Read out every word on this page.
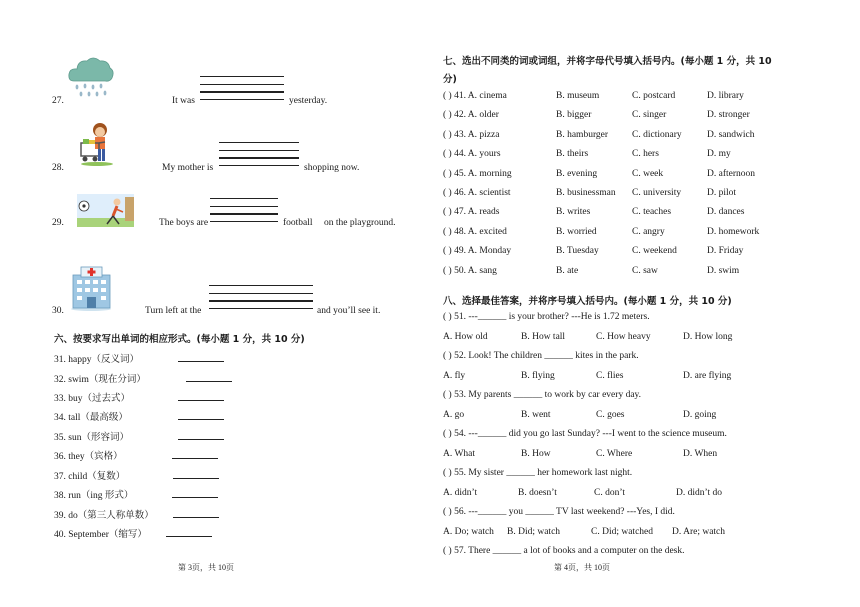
27.	It was	yesterday.
28.	My mother is	shopping now.
29.	The boys are	football on the playground.
30.	Turn left at the	and you’ll see it.
六、按要求写出单词的相应形式。(每小题 1 分，共 10 分)
31. happy（反义词）
32. swim（现在分词）
33. buy（过去式）
34. tall（最高级）
35. sun（形容词）
36. they（宾格）
37. child（复数）
38. run（ing 形式）
39. do（第三人称单数）
40. September（缩写）
第 3页，共 10页
七、选出不同类的词或词组，并将字母代号填入括号内。(每小题 1 分，共 10
分)
( ) 41. A. cinema	B. museum	C. postcard	D. library
( ) 42. A. older	B. bigger	C. singer	D. stronger
( ) 43. A. pizza	B. hamburger	C. dictionary	D. sandwich
( ) 44. A. yours	B. theirs	C. hers	D. my
( ) 45. A. morning	B. evening	C. week	D. afternoon
( ) 46. A. scientist	B. businessman C. university	D. pilot
( ) 47. A. reads	B. writes	C. teaches	D. dances
( ) 48. A. excited	B. worried	C. angry	D. homework
( ) 49. A. Monday	B. Tuesday	C. weekend	D. Friday
( ) 50. A. sang	B. ate	C. saw	D. swim
八、选择最佳答案，并将序号填入括号内。(每小题 1 分，共 10 分)
( ) 51. ---______ is your brother? ---He is 1.72 meters.
A. How old	B. How tall	C. How heavy	D. How long
( ) 52. Look! The children ______ kites in the park.
A. fly	B. flying	C. flies	D. are flying
( ) 53. My parents ______ to work by car every day.
A. go	B. went	C. goes	D. going
( ) 54. ---______ did you go last Sunday? ---I went to the science museum.
A. What	B. How	C. Where	D. When
( ) 55. My sister ______ her homework last night.
A. didn’t	B. doesn’t	C. don’t	D. didn’t do
( ) 56. ---______ you ______ TV last weekend? ---Yes, I did.
A. Do; watch B. Did; watch	C. Did; watched D. Are; watch
( ) 57. There ______ a lot of books and a computer on the desk.
第 4页，共 10页
